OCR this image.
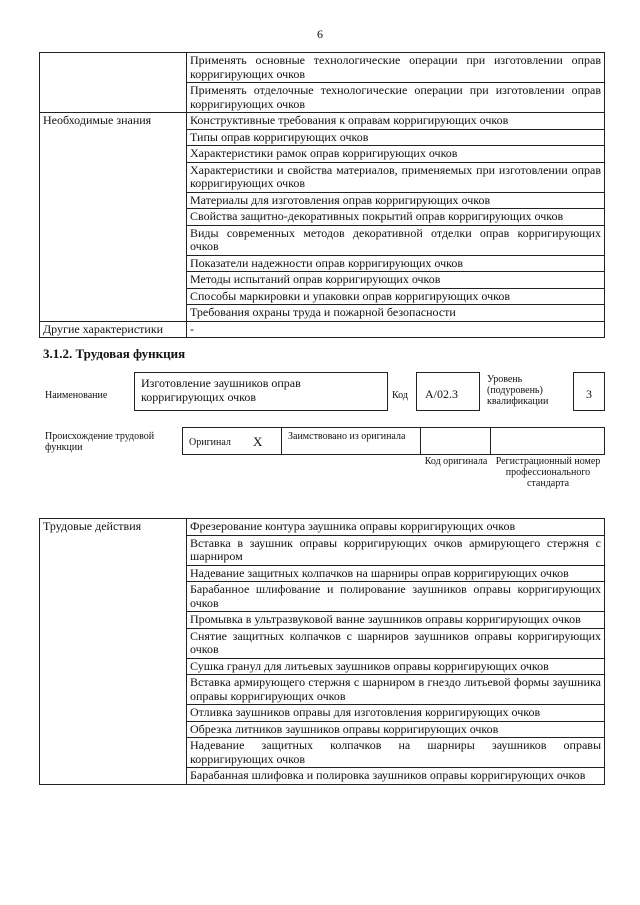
6
	Применять основные технологические операции при изготовлении оправ корригирующих очков
	Применять отделочные технологические операции при изготовлении оправ корригирующих очков
Необходимые знания	Конструктивные требования к оправам корригирующих очков
	Типы оправ корригирующих очков
	Характеристики рамок оправ корригирующих очков
	Характеристики и свойства материалов, применяемых при изготовлении оправ корригирующих очков
	Материалы для изготовления оправ корригирующих очков
	Свойства защитно-декоративных покрытий оправ корригирующих очков
	Виды современных методов декоративной отделки оправ корригирующих очков
	Показатели надежности оправ корригирующих очков
	Методы испытаний оправ корригирующих очков
	Способы маркировки и упаковки оправ корригирующих очков
	Требования охраны труда и пожарной безопасности
Другие характеристики	-
3.1.2. Трудовая функция
Наименование
Изготовление заушников оправ корригирующих очков	Код	А/02.3
Уровень (подуровень) квалификации
3
Происхождение трудовой функции	Оригинал X	Заимствовано из оригинала
Код оригинала Регистрационный номер профессионального стандарта
Трудовые действия	Фрезерование контура заушника оправы корригирующих очков
Вставка в заушник оправы корригирующих очков армирующего стержня с шарниром
Надевание защитных колпачков на шарниры оправ корригирующих очков
Барабанное шлифование и полирование заушников оправы корригирующих очков
Промывка в ультразвуковой ванне заушников оправы корригирующих очков
Снятие защитных колпачков с шарниров заушников оправы корригирующих очков
Сушка гранул для литьевых заушников оправы корригирующих очков
Вставка армирующего стержня с шарниром в гнездо литьевой формы заушника оправы корригирующих очков
Отливка заушников оправы для изготовления корригирующих очков
Обрезка литников заушников оправы корригирующих очков
Надевание защитных колпачков на шарниры заушников оправы корригирующих очков
Барабанная шлифовка и полировка заушников оправы корригирующих очков
